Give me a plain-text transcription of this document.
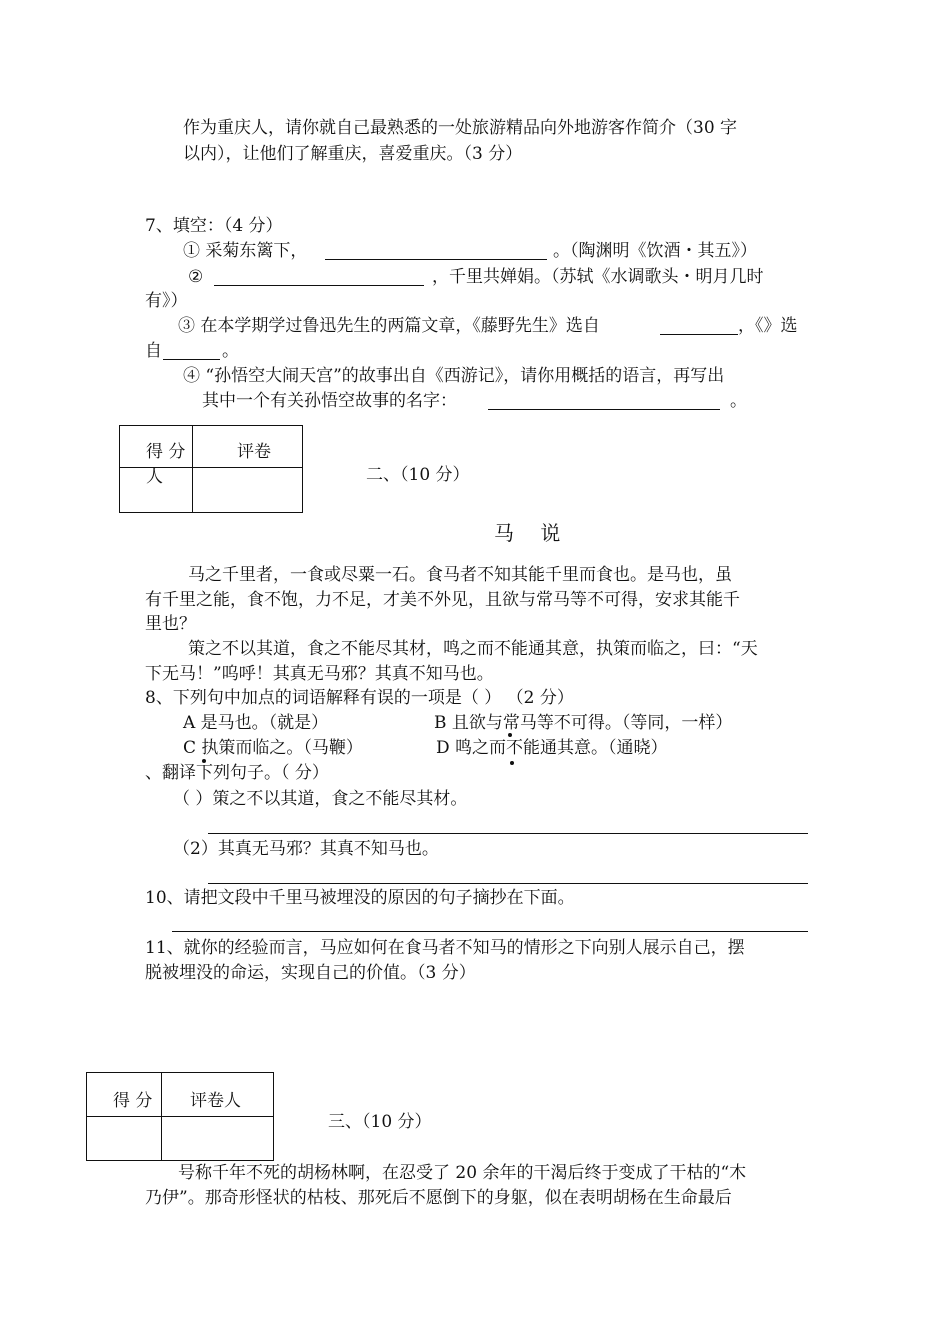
作为重庆人，请你就自己最熟悉的一处旅游精品向外地游客作简介（30 字
以内），让他们了解重庆，喜爱重庆。（3 分）
7、填空：（4 分）
① 采菊东篱下，	。（陶渊明《饮酒・其五》）
②	，千里共婵娟。（苏轼《水调歌头・明月几时
有》）
③ 在本学期学过鲁迅先生的两篇文章，《藤野先生》选自	，《》选
自	。
④ “孙悟空大闹天宫”的故事出自《西游记》，请你用概括的语言，再写出
其中一个有关孙悟空故事的名字：	。
得 分	评卷
人	二、（10 分）
马 说
马之千里者，一食或尽粟一石。食马者不知其能千里而食也。是马也，虽
有千里之能，食不饱，力不足，才美不外见，且欲与常马等不可得，安求其能千
里也？
策之不以其道，食之不能尽其材，鸣之而不能通其意，执策而临之，曰：“天
下无马！”呜呼！其真无马邪？其真不知马也。
8、下列句中加点的词语解释有误的一项是（ ） （2 分）
A 是马也。（就是）	B 且欲与常马等不可得。（等同，一样）
C 执策而临之。（马鞭）	D 鸣之而不能通其意。（通晓）
、翻译下列句子。（ 分）
（ ）策之不以其道，食之不能尽其材。
（2）其真无马邪？其真不知马也。
10、请把文段中千里马被埋没的原因的句子摘抄在下面。
11、就你的经验而言，马应如何在食马者不知马的情形之下向别人展示自己，摆
脱被埋没的命运，实现自己的价值。（3 分）
得 分 评卷人
三、（10 分）
号称千年不死的胡杨林啊，在忍受了 20 余年的干渴后终于变成了干枯的“木
乃伊”。那奇形怪状的枯枝、那死后不愿倒下的身躯，似在表明胡杨在生命最后
